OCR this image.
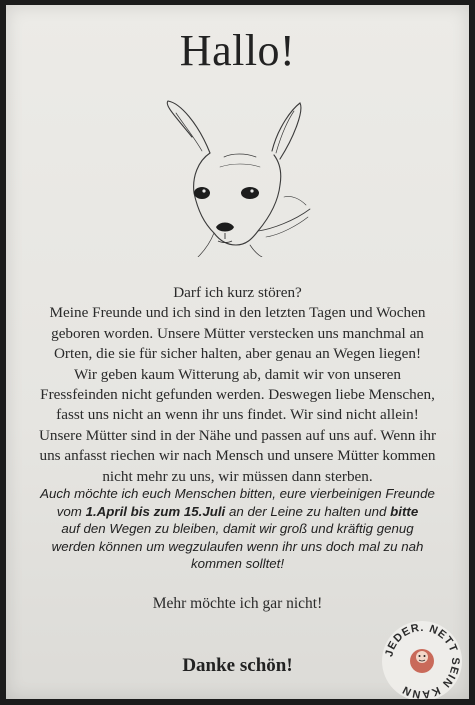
Hallo!
Darf ich kurz stören?
Meine Freunde und ich sind in den letzten Tagen und Wochen
geboren worden. Unsere Mütter verstecken uns manchmal an
Orten, die sie für sicher halten, aber genau an Wegen liegen!
Wir geben kaum Witterung ab, damit wir von unseren
Fressfeinden nicht gefunden werden. Deswegen liebe Menschen,
fasst uns nicht an wenn ihr uns findet. Wir sind nicht allein!
Unsere Mütter sind in der Nähe und passen auf uns auf. Wenn ihr
uns anfasst riechen wir nach Mensch und unsere Mütter kommen
nicht mehr zu uns, wir müssen dann sterben.
Auch möchte ich euch Menschen bitten, eure vierbeinigen Freunde
vom 1.April bis zum 15.Juli an der Leine zu halten und bitte
auf den Wegen zu bleiben, damit wir groß und kräftig genug
werden können um wegzulaufen wenn ihr uns doch mal zu nah
kommen solltet!
Mehr möchte ich gar nicht!
Danke schön!
JEDER. NETT SEIN KANN
